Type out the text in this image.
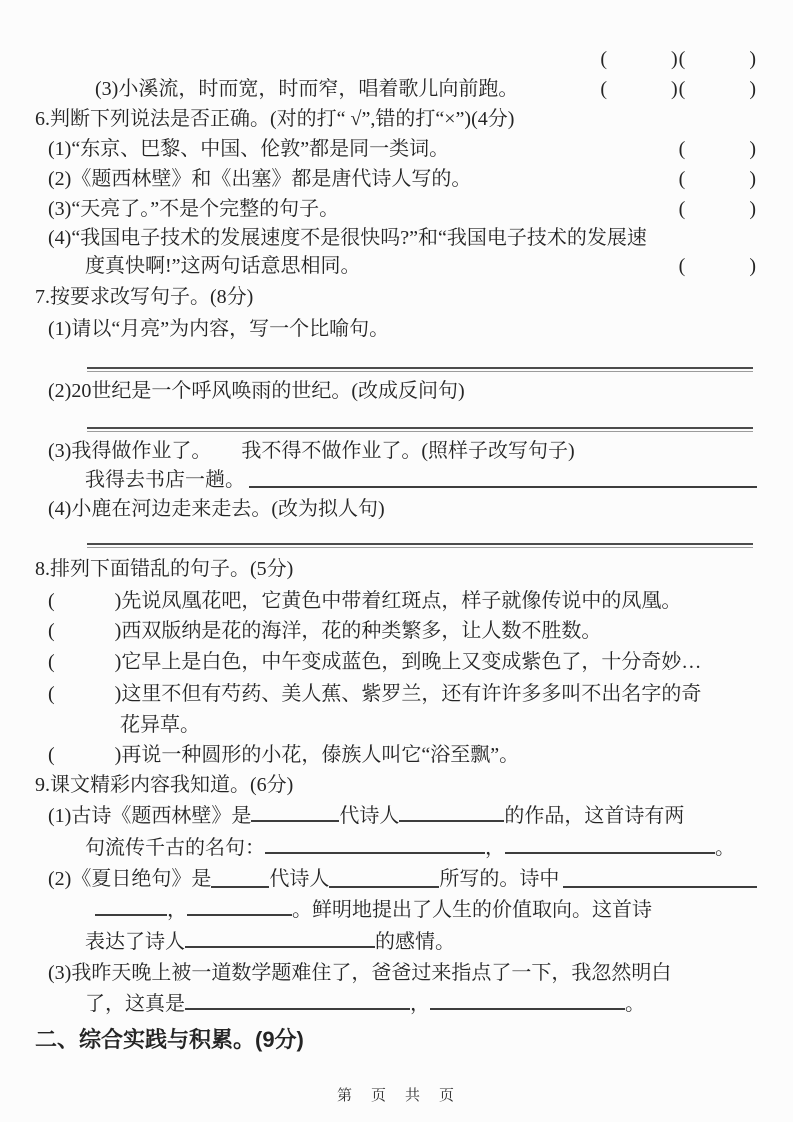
(　　　)(　　　)
(3)小溪流，时而宽，时而窄，唱着歌儿向前跑。	(　　　)(　　　)
6.判断下列说法是否正确。(对的打“ √”,错的打“×”)(4分)
(1)“东京、巴黎、中国、伦敦”都是同一类词。	(　　　)
(2)《题西林壁》和《出塞》都是唐代诗人写的。	(　　　)
(3)“天亮了。”不是个完整的句子。	(　　　)
(4)“我国电子技术的发展速度不是很快吗?”和“我国电子技术的发展速
度真快啊!”这两句话意思相同。	(　　　)
7.按要求改写句子。(8分)
(1)请以“月亮”为内容，写一个比喻句。
(2)20世纪是一个呼风唤雨的世纪。(改成反问句)
(3)我得做作业了。　　我不得不做作业了。(照样子改写句子)
我得去书店一趟。
(4)小鹿在河边走来走去。(改为拟人句)
8.排列下面错乱的句子。(5分)
(　　　)先说凤凰花吧，它黄色中带着红斑点，样子就像传说中的凤凰。
(　　　)西双版纳是花的海洋，花的种类繁多，让人数不胜数。
(　　　)它早上是白色，中午变成蓝色，到晚上又变成紫色了，十分奇妙…
(　　　)这里不但有芍药、美人蕉、紫罗兰，还有许许多多叫不出名字的奇
花异草。
(　　　)再说一种圆形的小花，傣族人叫它“浴至飘”。
9.课文精彩内容我知道。(6分)
(1)古诗《题西林壁》是	代诗人	的作品，这首诗有两
句流传千古的名句：	，	。
(2)《夏日绝句》是	代诗人	所写的。诗中
，	。鲜明地提出了人生的价值取向。这首诗
表达了诗人	的感情。
(3)我昨天晚上被一道数学题难住了，爸爸过来指点了一下，我忽然明白
了，这真是	，	。
二、综合实践与积累。(9分)
第　页　共　页
